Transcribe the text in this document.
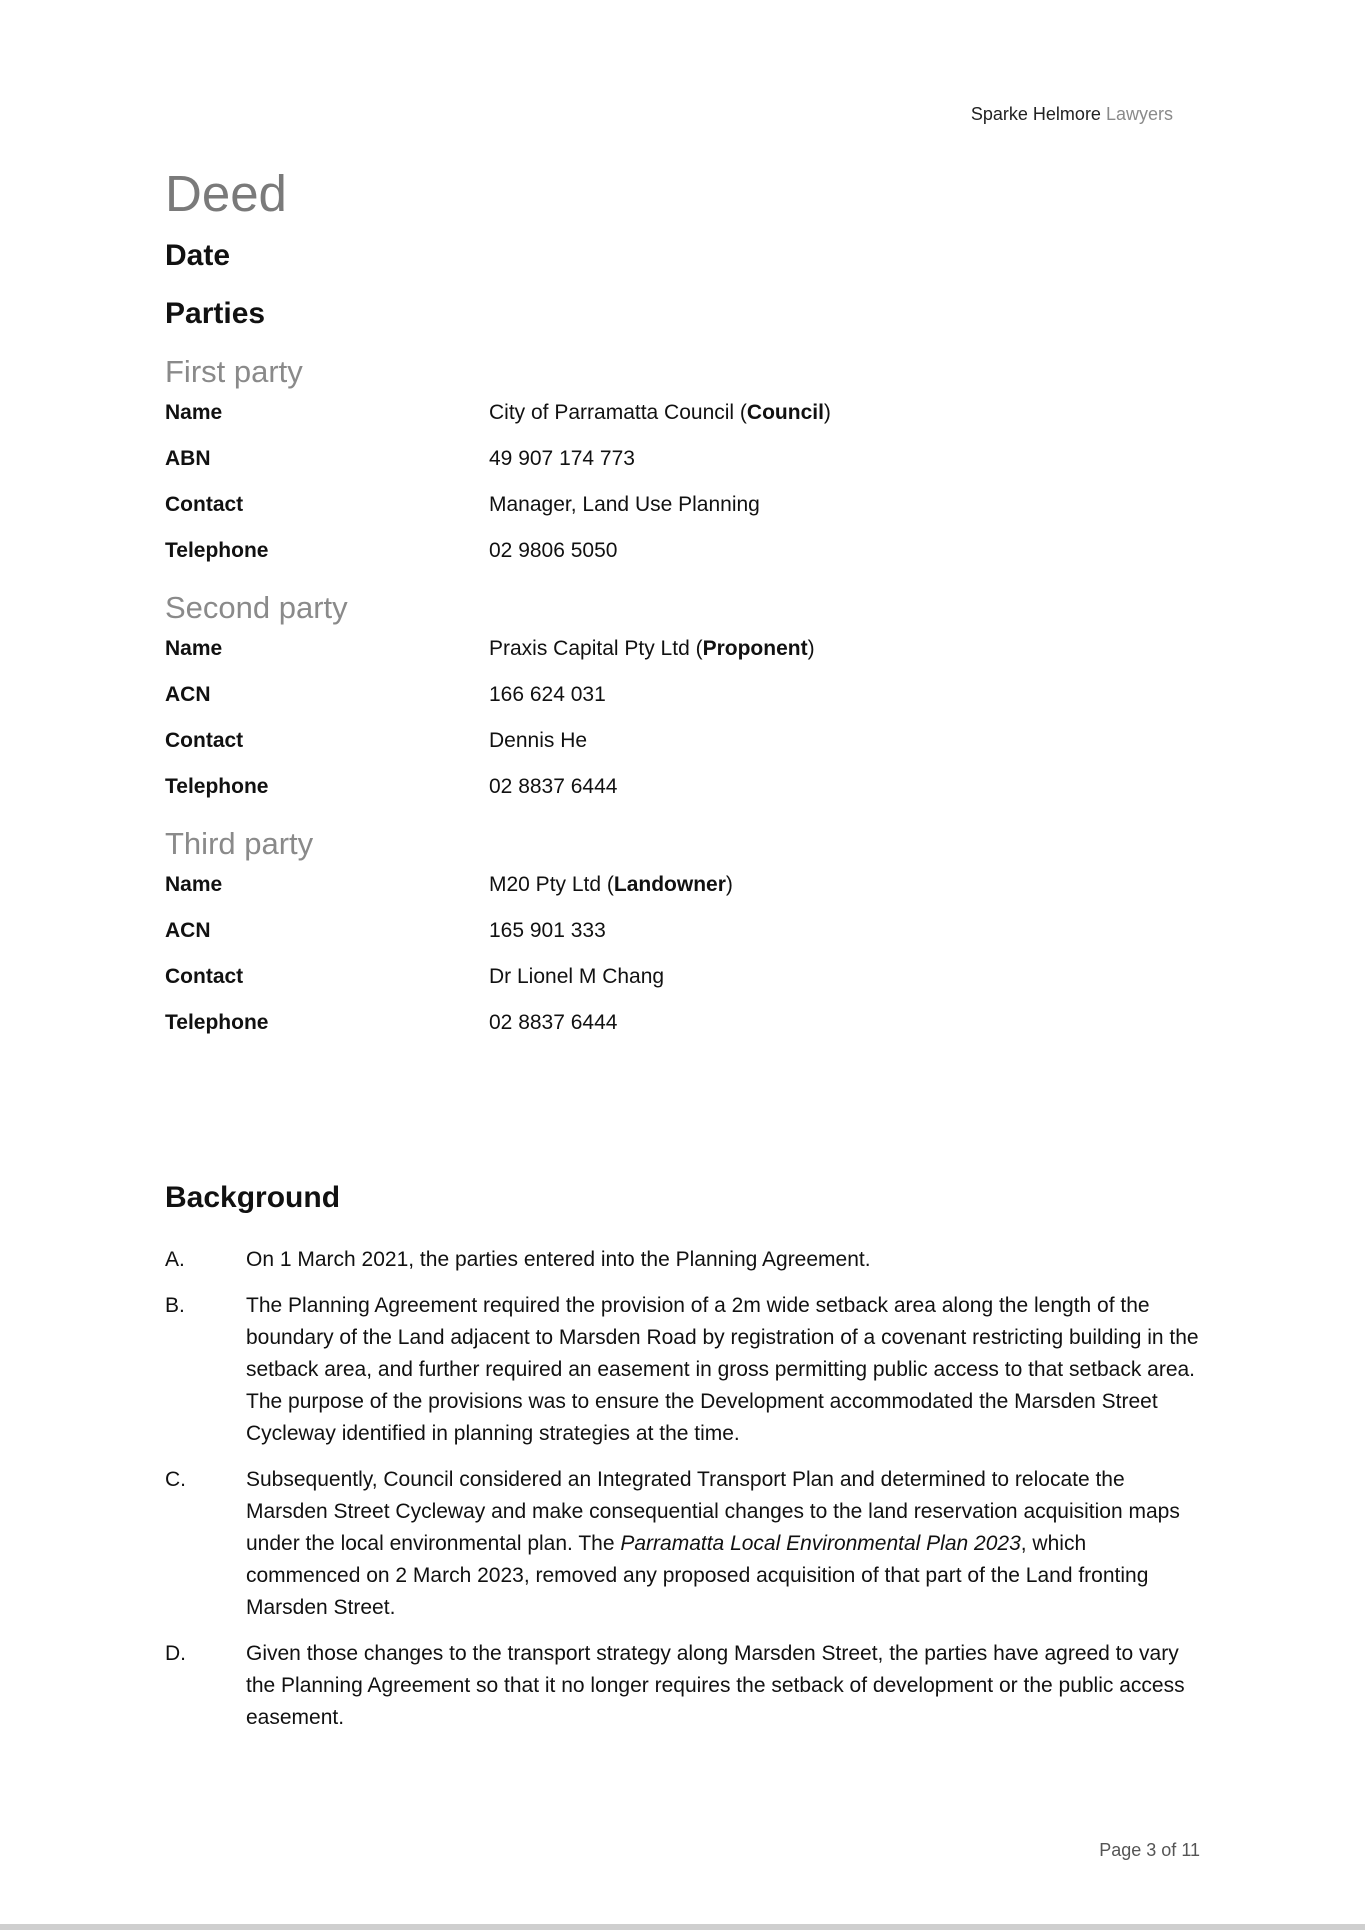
Sparke Helmore Lawyers
Deed
Date
Parties
First party
Name	City of Parramatta Council (Council)
ABN	49 907 174 773
Contact	Manager, Land Use Planning
Telephone	02 9806 5050
Second party
Name	Praxis Capital Pty Ltd (Proponent)
ACN	166 624 031
Contact	Dennis He
Telephone	02 8837 6444
Third party
Name	M20 Pty Ltd (Landowner)
ACN	165 901 333
Contact	Dr Lionel M Chang
Telephone	02 8837 6444
Background
A.	On 1 March 2021, the parties entered into the Planning Agreement.
B.	The Planning Agreement required the provision of a 2m wide setback area along the length of the boundary of the Land adjacent to Marsden Road by registration of a covenant restricting building in the setback area, and further required an easement in gross permitting public access to that setback area. The purpose of the provisions was to ensure the Development accommodated the Marsden Street Cycleway identified in planning strategies at the time.
C.	Subsequently, Council considered an Integrated Transport Plan and determined to relocate the Marsden Street Cycleway and make consequential changes to the land reservation acquisition maps under the local environmental plan. The Parramatta Local Environmental Plan 2023, which commenced on 2 March 2023, removed any proposed acquisition of that part of the Land fronting Marsden Street.
D.	Given those changes to the transport strategy along Marsden Street, the parties have agreed to vary the Planning Agreement so that it no longer requires the setback of development or the public access easement.
Page 3 of 11
